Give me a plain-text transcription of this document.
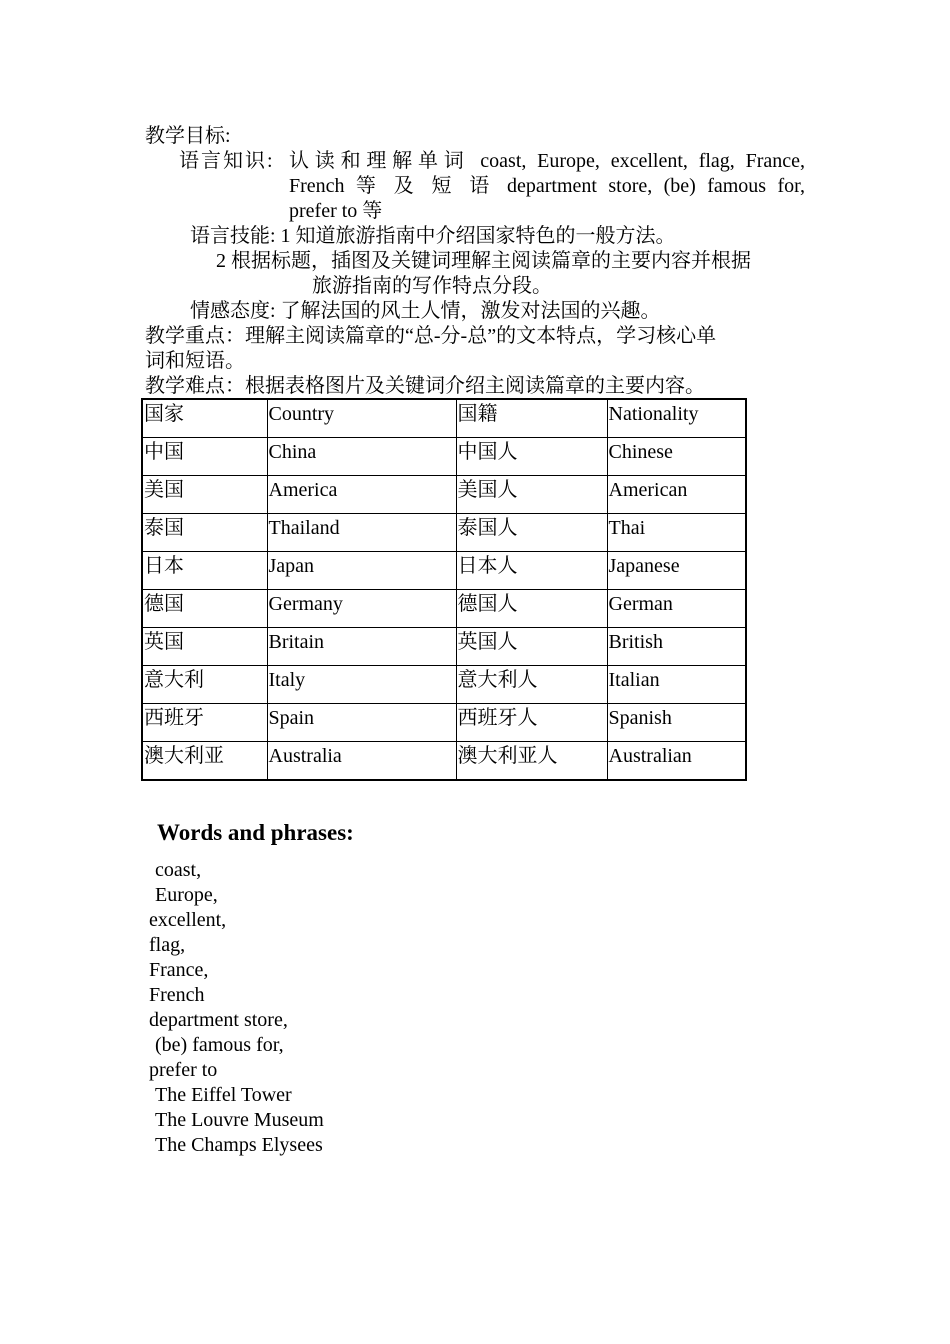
教学目标:
语言知识: 认读和理解单词 coast, Europe, excellent, flag, France,
French 等 及 短 语 department store, (be) famous for,
prefer to 等
语言技能: 1 知道旅游指南中介绍国家特色的一般方法。
2 根据标题，插图及关键词理解主阅读篇章的主要内容并根据
旅游指南的写作特点分段。
情感态度: 了解法国的风土人情，激发对法国的兴趣。
教学重点：理解主阅读篇章的“总-分-总”的文本特点，学习核心单
词和短语。
教学难点：根据表格图片及关键词介绍主阅读篇章的主要内容。
国家	Country	国籍	Nationality
中国	China	中国人	Chinese
美国	America	美国人	American
泰国	Thailand	泰国人	Thai
日本	Japan	日本人	Japanese
德国	Germany	德国人	German
英国	Britain	英国人	British
意大利	Italy	意大利人	Italian
西班牙	Spain	西班牙人	Spanish
澳大利亚	Australia	澳大利亚人	Australian
Words and phrases:
coast,
Europe,
excellent,
flag,
France,
French
department store,
(be) famous for,
prefer to
The Eiffel Tower
The Louvre Museum
The Champs Elysees
